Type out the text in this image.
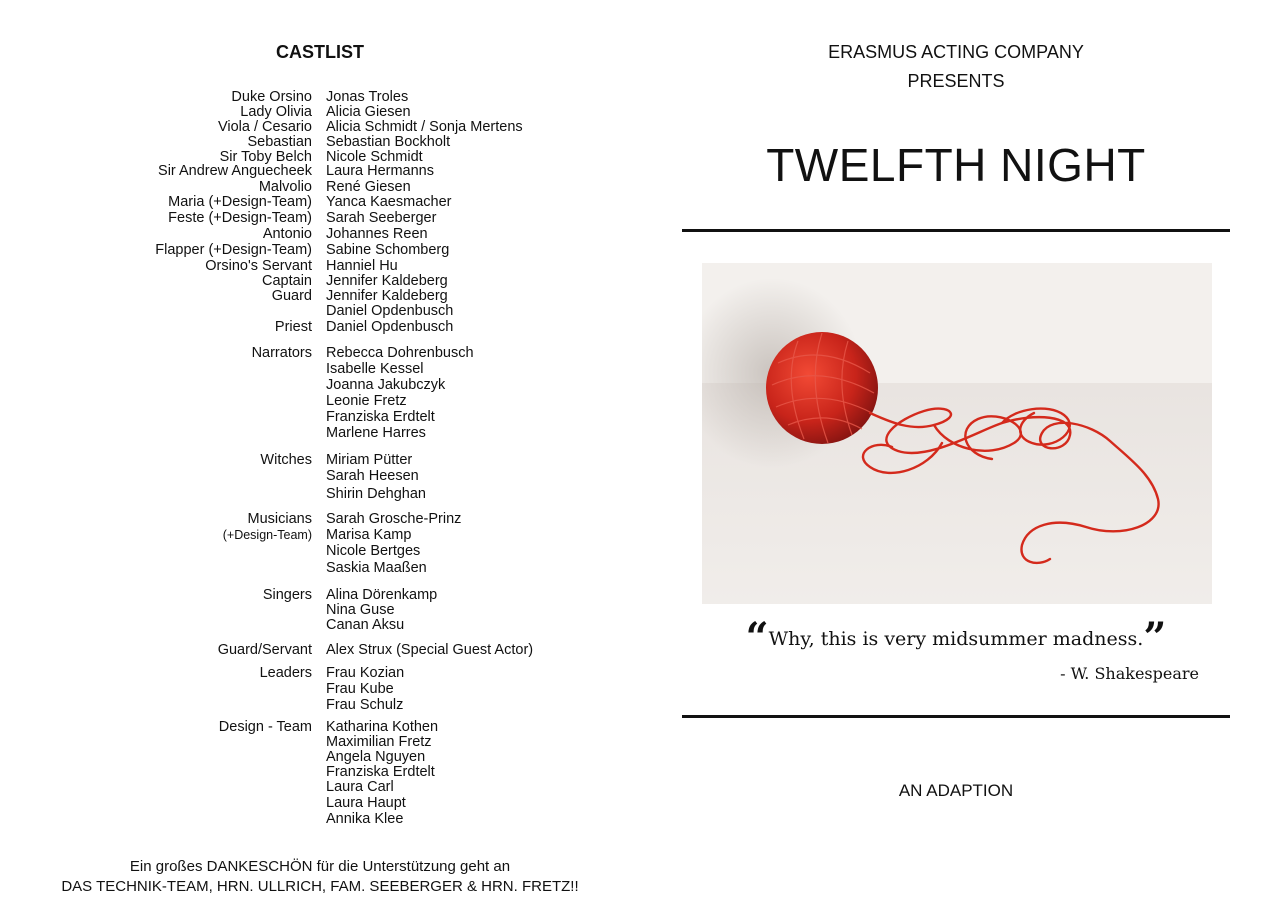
CASTLIST
Duke Orsino Jonas Troles
Lady Olivia Alicia Giesen
Viola / Cesario Alicia Schmidt / Sonja Mertens
Sebastian Sebastian Bockholt
Sir Toby Belch Nicole Schmidt
Sir Andrew Anguecheek Laura Hermanns
Malvolio René Giesen
Maria (+Design-Team) Yanca Kaesmacher
Feste (+Design-Team) Sarah Seeberger
Antonio Johannes Reen
Flapper (+Design-Team) Sabine Schomberg
Orsino's Servant Hanniel Hu
Captain Jennifer Kaldeberg
Guard Jennifer Kaldeberg
Daniel Opdenbusch
Priest Daniel Opdenbusch
Narrators Rebecca Dohrenbusch
Isabelle Kessel
Joanna Jakubczyk
Leonie Fretz
Franziska Erdtelt
Marlene Harres
Witches Miriam Pütter
Sarah Heesen
Shirin Dehghan
Musicians Sarah Grosche-Prinz
(+Design-Team) Marisa Kamp
Nicole Bertges
Saskia Maaßen
Singers Alina Dörenkamp
Nina Guse
Canan Aksu
Guard/Servant Alex Strux (Special Guest Actor)
Leaders Frau Kozian
Frau Kube
Frau Schulz
Design - Team Katharina Kothen
Maximilian Fretz
Angela Nguyen
Franziska Erdtelt
Laura Carl
Laura Haupt
Annika Klee
Ein großes DANKESCHÖN für die Unterstützung geht an
DAS TECHNIK-TEAM, HRN. ULLRICH, FAM. SEEBERGER & HRN. FRETZ!!
ERASMUS ACTING COMPANY
PRESENTS
TWELFTH NIGHT
“Why, this is very midsummer madness.”
- W. Shakespeare
AN ADAPTION
